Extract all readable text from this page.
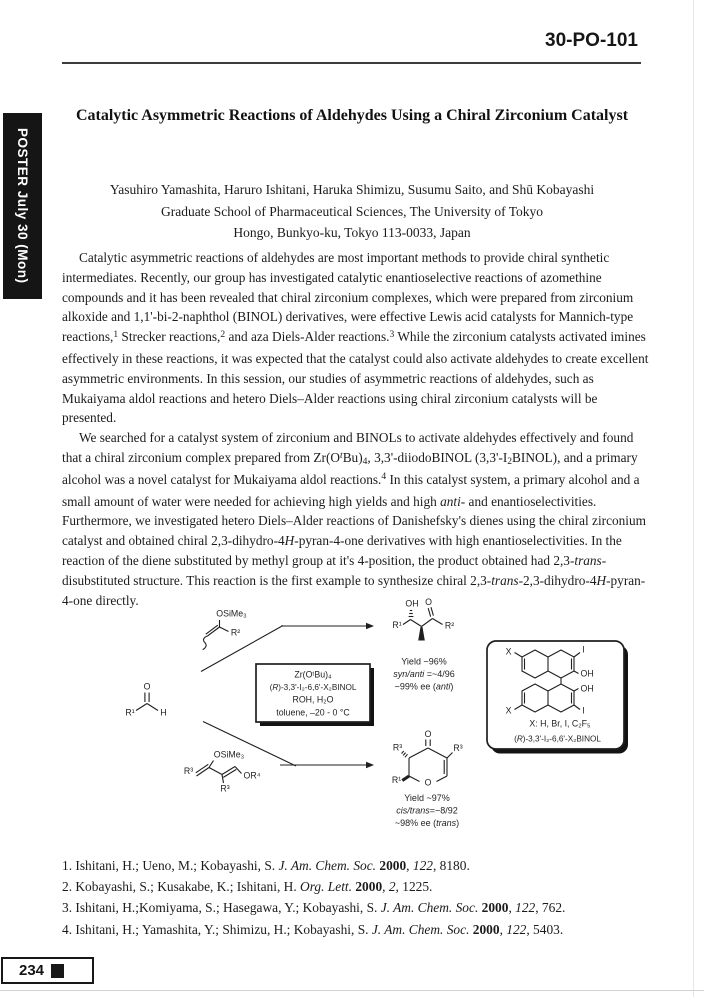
30-PO-101
POSTER July 30 (Mon)
Catalytic Asymmetric Reactions of Aldehydes Using a Chiral Zirconium Catalyst
Yasuhiro Yamashita, Haruro Ishitani, Haruka Shimizu, Susumu Saito, and Shū Kobayashi
Graduate School of Pharmaceutical Sciences, The University of Tokyo
Hongo, Bunkyo-ku, Tokyo 113-0033, Japan

Catalytic asymmetric reactions of aldehydes are most important methods to provide chiral synthetic intermediates. Recently, our group has investigated catalytic enantioselective reactions of azomethine compounds and it has been revealed that chiral zirconium complexes, which were prepared from zirconium alkoxide and 1,1'-bi-2-naphthol (BINOL) derivatives, were effective Lewis acid catalysts for Mannich-type reactions,$^1$ Strecker reactions,$^2$ and aza Diels-Alder reactions.$^3$ While the zirconium catalysts activated imines effectively in these reactions, it was expected that the catalyst could also activate aldehydes to create excellent asymmetric environments. In this session, our studies of asymmetric reactions of aldehydes, such as Mukaiyama aldol reactions and hetero Diels–Alder reactions using chiral zirconium catalysts will be presented.

We searched for a catalyst system of zirconium and BINOLs to activate aldehydes effectively and found that a chiral zirconium complex prepared from $Zr(O^tBu)4$, 3,3'-diiodoBINOL (3,3'-I2BINOL), and a primary alcohol was a novel catalyst for Mukaiyama aldol reactions.$^4$ In this catalyst system, a primary alcohol and a small amount of water were needed for achieving high yields and high anti- and enantioselectivities. Furthermore, we investigated hetero Diels–Alder reactions of Danishefsky's dienes using the chiral zirconium catalyst and obtained chiral 2,3-dihydro-4H-pyran-4-one derivatives with high enantioselectivities. In the reaction of the diene substituted by methyl group at it's 4-position, the product obtained had 2,3-trans-disubstituted structure. This reaction is the first example to synthesize chiral 2,3-trans-2,3-dihydro-4H-pyran-4-one directly.

O
R¹	H
OSiMe₃
R²
Zr(OᵗBu)₄
(R)-3,3'-I₂-6,6'-X₂BINOL
ROH, H₂O
toluene, –20 - 0 °C
OH
R¹
O
R²
Yield ~96%
syn/anti =~4/96
~99% ee (anti)
R³
OSiMe₃
R³
OR⁴
O
O
R³	R³
R¹
Yield ~97%
cis/trans=~8/92
~98% ee (trans)
X	I
OH
OH
I
X
X: H, Br, I, C₂F₅
(R)-3,3'-I₂-6,6'-X₂BINOL

1. Ishitani, H.; Ueno, M.; Kobayashi, S. J. Am. Chem. Soc. 2000, 122, 8180.

2. Kobayashi, S.; Kusakabe, K.; Ishitani, H. Org. Lett. 2000, 2, 1225.

3. Ishitani, H.;Komiyama, S.; Hasegawa, Y.; Kobayashi, S. J. Am. Chem. Soc. 2000, 122, 762.

4. Ishitani, H.; Yamashita, Y.; Shimizu, H.; Kobayashi, S. J. Am. Chem. Soc. 2000, 122, 5403.

234
